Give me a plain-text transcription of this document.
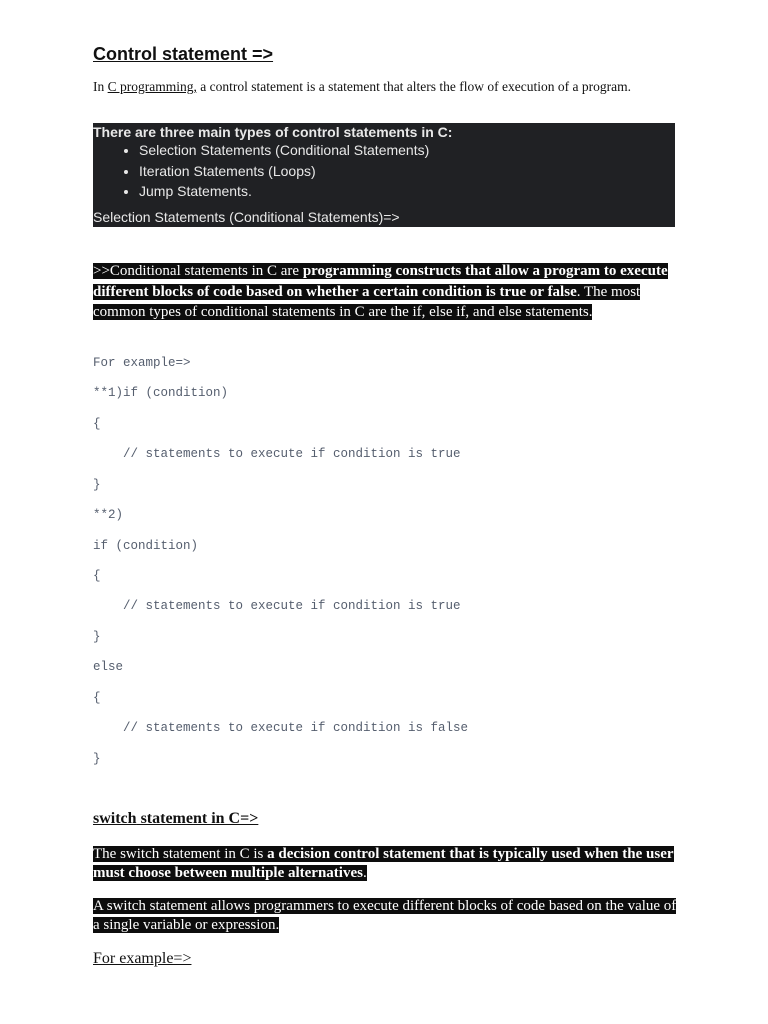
Control statement =>

In C programming, a control statement is a statement that alters the flow of execution of a program.

There are three main types of control statements in C:
• Selection Statements (Conditional Statements)
• Iteration Statements (Loops)
• Jump Statements.
Selection Statements (Conditional Statements)=>

>>Conditional statements in C are programming constructs that allow a program to execute different blocks of code based on whether a certain condition is true or false. The most common types of conditional statements in C are the if, else if, and else statements.

For example=>
**1)if (condition)
{
// statements to execute if condition is true
}
**2)
if (condition)
{
// statements to execute if condition is true
}
else
{
// statements to execute if condition is false
}
switch statement in C=>

The switch statement in C is a decision control statement that is typically used when the user must choose between multiple alternatives.

A switch statement allows programmers to execute different blocks of code based on the value of a single variable or expression.

For example=>
